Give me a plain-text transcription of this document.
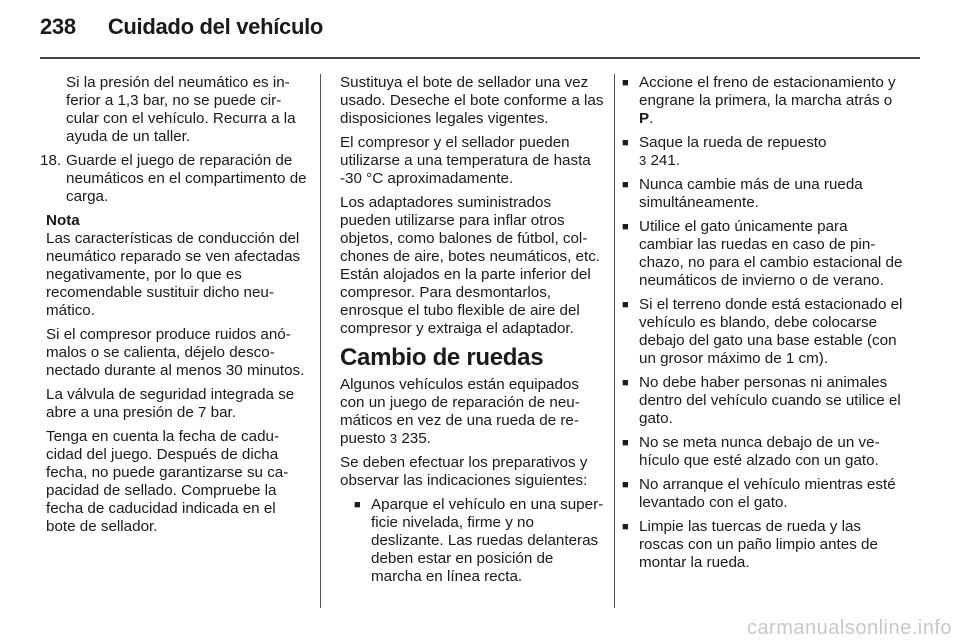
238 Cuidado del vehículo

Si la presión del neumático es inferior a 1,3 bar, no se puede circular con el vehículo. Recurra a la ayuda de un taller.

18. Guarde el juego de reparación de neumáticos en el compartimento de carga.
Nota

Las características de conducción del neumático reparado se ven afectadas negativamente, por lo que es recomendable sustituir dicho neumático.

Si el compresor produce ruidos anómalos o se calienta, déjelo desconectado durante al menos 30 minutos.

La válvula de seguridad integrada se abre a una presión de 7 bar.

Tenga en cuenta la fecha de caducidad del juego. Después de dicha fecha, no puede garantizarse su capacidad de sellado. Compruebe la fecha de caducidad indicada en el bote de sellador.

Sustituya el bote de sellador una vez usado. Deseche el bote conforme a las disposiciones legales vigentes.

El compresor y el sellador pueden utilizarse a una temperatura de hasta -30 °C aproximadamente.

Los adaptadores suministrados pueden utilizarse para inflar otros objetos, como balones de fútbol, colchones de aire, botes neumáticos, etc. Están alojados en la parte inferior del compresor. Para desmontarlos, enrosque el tubo flexible de aire del compresor y extraiga el adaptador.

Cambio de ruedas

Algunos vehículos están equipados con un juego de reparación de neumáticos en vez de una rueda de repuesto 3 235.

Se deben efectuar los preparativos y observar las indicaciones siguientes:

■ Aparque el vehículo en una superficie nivelada, firme y no deslizante. Las ruedas delanteras deben estar en posición de marcha en línea recta.
■ Accione el freno de estacionamiento y engrane la primera, la marcha atrás o P.
■ Saque la rueda de repuesto
3 241.
■ Nunca cambie más de una rueda simultáneamente.
■ Utilice el gato únicamente para cambiar las ruedas en caso de pinchazo, no para el cambio estacional de neumáticos de invierno o de verano.
■ Si el terreno donde está estacionado el vehículo es blando, debe colocarse debajo del gato una base estable (con un grosor máximo de 1 cm).
■ No debe haber personas ni animales dentro del vehículo cuando se utilice el gato.
■ No se meta nunca debajo de un vehículo que esté alzado con un gato.
■ No arranque el vehículo mientras esté levantado con el gato.
■ Limpie las tuercas de rueda y las roscas con un paño limpio antes de montar la rueda.
carmanualsonline.info
